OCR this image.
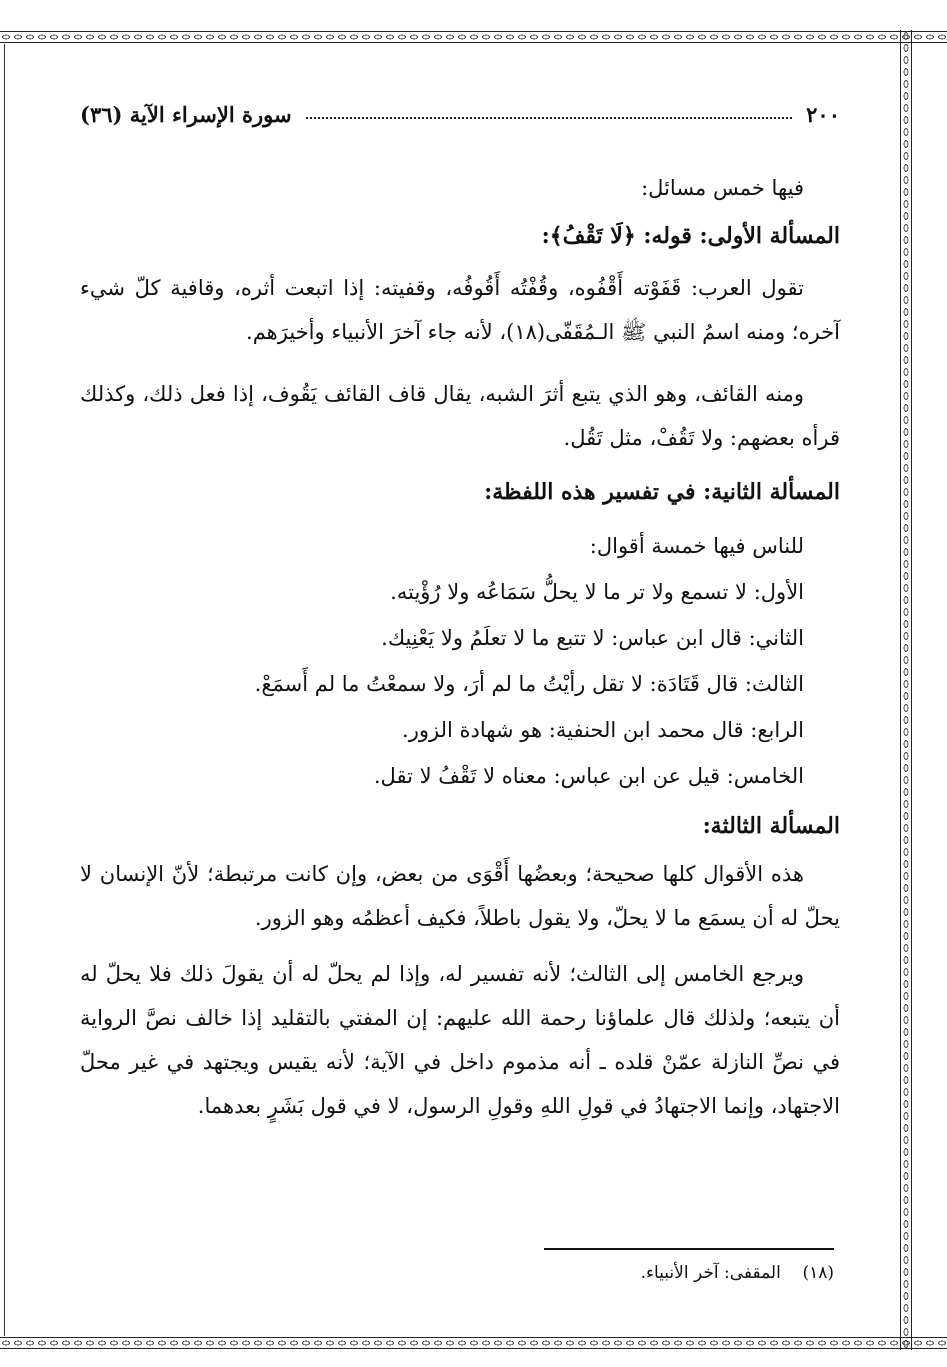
٢٠٠
سورة الإسراء الآية (٣٦)
فيها خمس مسائل:
المسألة الأولى: قوله: ﴿لَا تَقْفُ﴾:
تقول العرب: قَفَوْته أَقْفُوه، وقُفْتُه أَقُوفُه، وقفيته: إذا اتبعت أثره، وقافية كلّ شيء آخره؛ ومنه اسمُ النبي ﷺ الـمُقَفّى(١٨)، لأنه جاء آخرَ الأنبياء وأخيرَهم.
ومنه القائف، وهو الذي يتبع أثرَ الشبه، يقال قاف القائف يَقُوف، إذا فعل ذلك، وكذلك قرأه بعضهم: ولا تَقُفْ، مثل تَقُل.
المسألة الثانية: في تفسير هذه اللفظة:
للناس فيها خمسة أقوال:
الأول: لا تسمع ولا تر ما لا يحلُّ سَمَاعُه ولا رُؤْيته.
الثاني: قال ابن عباس: لا تتبع ما لا تعلَمُ ولا يَعْنِيك.
الثالث: قال قَتَادَة: لا تقل رأيْتُ ما لم أرَ، ولا سمعْتُ ما لم أَسمَعْ.
الرابع: قال محمد ابن الحنفية: هو شهادة الزور.
الخامس: قيل عن ابن عباس: معناه لا تَقْفُ لا تقل.
المسألة الثالثة:
هذه الأقوال كلها صحيحة؛ وبعضُها أَقْوَى من بعض، وإن كانت مرتبطة؛ لأنّ الإنسان لا يحلّ له أن يسمَع ما لا يحلّ، ولا يقول باطلاً، فكيف أعظمُه وهو الزور.
ويرجع الخامس إلى الثالث؛ لأنه تفسير له، وإذا لم يحلّ له أن يقولَ ذلك فلا يحلّ له أن يتبعه؛ ولذلك قال علماؤنا رحمة الله عليهم: إن المفتي بالتقليد إذا خالف نصَّ الرواية في نصِّ النازلة عمّنْ قلده ـ أنه مذموم داخل في الآية؛ لأنه يقيس ويجتهد في غير محلّ الاجتهاد، وإنما الاجتهادُ في قولِ اللهِ وقولِ الرسول، لا في قول بَشَرٍ بعدهما.
(١٨)    المقفى: آخر الأنبياء.
